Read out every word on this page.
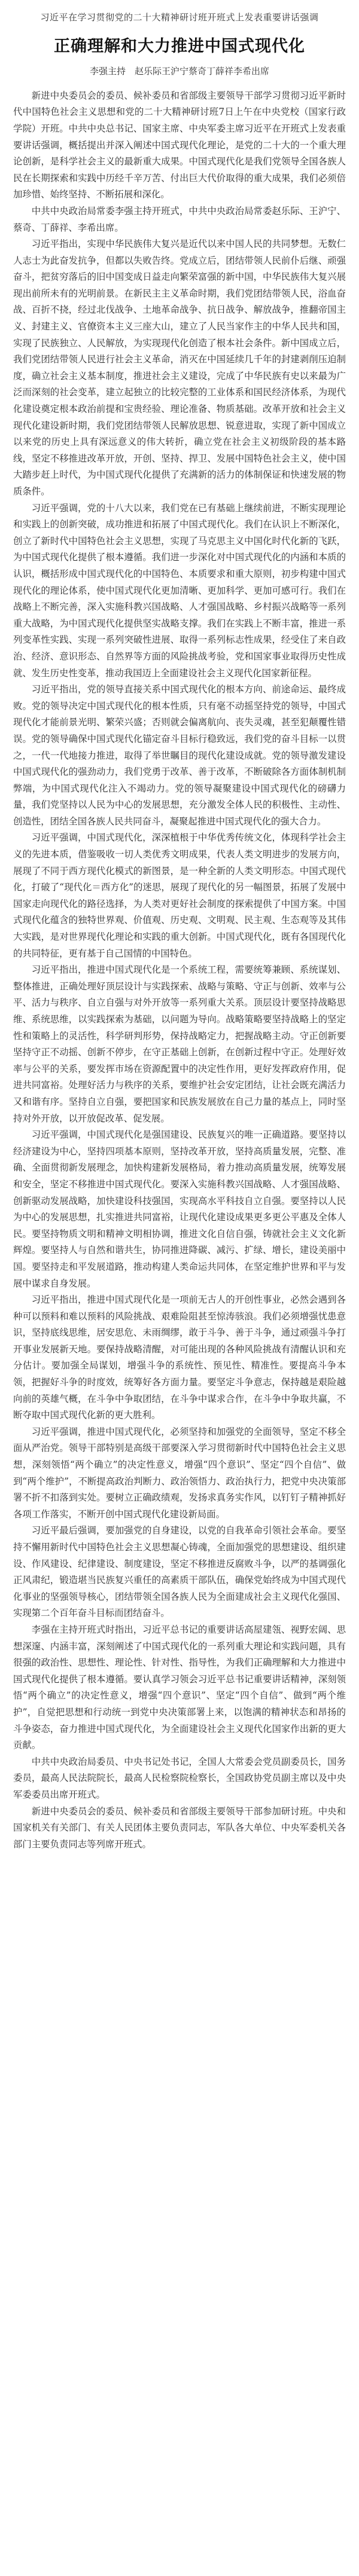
习近平在学习贯彻党的二十大精神研讨班开班式上发表重要讲话强调
正确理解和大力推进中国式现代化
李强主持　赵乐际王沪宁蔡奇丁薛祥李希出席

新进中央委员会的委员、候补委员和省部级主要领导干部学习贯彻习近平新时代中国特色社会主义思想和党的二十大精神研讨班7日上午在中央党校（国家行政学院）开班。中共中央总书记、国家主席、中央军委主席习近平在开班式上发表重要讲话强调，概括提出并深入阐述中国式现代化理论，是党的二十大的一个重大理论创新，是科学社会主义的最新重大成果。中国式现代化是我们党领导全国各族人民在长期探索和实践中历经千辛万苦、付出巨大代价取得的重大成果，我们必须倍加珍惜、始终坚持、不断拓展和深化。

中共中央政治局常委李强主持开班式，中共中央政治局常委赵乐际、王沪宁、蔡奇、丁薛祥、李希出席。

习近平指出，实现中华民族伟大复兴是近代以来中国人民的共同梦想。无数仁人志士为此奋发抗争，但都以失败告终。党成立后，团结带领人民前仆后继、顽强奋斗，把贫穷落后的旧中国变成日益走向繁荣富强的新中国，中华民族伟大复兴展现出前所未有的光明前景。在新民主主义革命时期，我们党团结带领人民，浴血奋战、百折不挠，经过北伐战争、土地革命战争、抗日战争、解放战争，推翻帝国主义、封建主义、官僚资本主义三座大山，建立了人民当家作主的中华人民共和国，实现了民族独立、人民解放，为实现现代化创造了根本社会条件。新中国成立后，我们党团结带领人民进行社会主义革命，消灭在中国延续几千年的封建剥削压迫制度，确立社会主义基本制度，推进社会主义建设，完成了中华民族有史以来最为广泛而深刻的社会变革，建立起独立的比较完整的工业体系和国民经济体系，为现代化建设奠定根本政治前提和宝贵经验、理论准备、物质基础。改革开放和社会主义现代化建设新时期，我们党团结带领人民解放思想、锐意进取，实现了新中国成立以来党的历史上具有深远意义的伟大转折，确立党在社会主义初级阶段的基本路线，坚定不移推进改革开放，开创、坚持、捍卫、发展中国特色社会主义，使中国大踏步赶上时代，为中国式现代化提供了充满新的活力的体制保证和快速发展的物质条件。

习近平强调，党的十八大以来，我们党在已有基础上继续前进，不断实现理论和实践上的创新突破，成功推进和拓展了中国式现代化。我们在认识上不断深化，创立了新时代中国特色社会主义思想，实现了马克思主义中国化时代化新的飞跃，为中国式现代化提供了根本遵循。我们进一步深化对中国式现代化的内涵和本质的认识，概括形成中国式现代化的中国特色、本质要求和重大原则，初步构建中国式现代化的理论体系，使中国式现代化更加清晰、更加科学、更加可感可行。我们在战略上不断完善，深入实施科教兴国战略、人才强国战略、乡村振兴战略等一系列重大战略，为中国式现代化提供坚实战略支撑。我们在实践上不断丰富，推进一系列变革性实践、实现一系列突破性进展、取得一系列标志性成果，经受住了来自政治、经济、意识形态、自然界等方面的风险挑战考验，党和国家事业取得历史性成就、发生历史性变革，推动我国迈上全面建设社会主义现代化国家新征程。

习近平指出，党的领导直接关系中国式现代化的根本方向、前途命运、最终成败。党的领导决定中国式现代化的根本性质，只有毫不动摇坚持党的领导，中国式现代化才能前景光明、繁荣兴盛；否则就会偏离航向、丧失灵魂，甚至犯颠覆性错误。党的领导确保中国式现代化锚定奋斗目标行稳致远，我们党的奋斗目标一以贯之，一代一代地接力推进，取得了举世瞩目的现代化建设成就。党的领导激发建设中国式现代化的强劲动力，我们党勇于改革、善于改革，不断破除各方面体制机制弊端，为中国式现代化注入不竭动力。党的领导凝聚建设中国式现代化的磅礴力量，我们党坚持以人民为中心的发展思想，充分激发全体人民的积极性、主动性、创造性，团结全国各族人民共同奋斗，凝聚起推进中国式现代化的强大合力。

习近平强调，中国式现代化，深深植根于中华优秀传统文化，体现科学社会主义的先进本质，借鉴吸收一切人类优秀文明成果，代表人类文明进步的发展方向，展现了不同于西方现代化模式的新图景，是一种全新的人类文明形态。中国式现代化，打破了“现代化＝西方化”的迷思，展现了现代化的另一幅图景，拓展了发展中国家走向现代化的路径选择，为人类对更好社会制度的探索提供了中国方案。中国式现代化蕴含的独特世界观、价值观、历史观、文明观、民主观、生态观等及其伟大实践，是对世界现代化理论和实践的重大创新。中国式现代化，既有各国现代化的共同特征，更有基于自己国情的中国特色。

习近平指出，推进中国式现代化是一个系统工程，需要统筹兼顾、系统谋划、整体推进，正确处理好顶层设计与实践探索、战略与策略、守正与创新、效率与公平、活力与秩序、自立自强与对外开放等一系列重大关系。顶层设计要坚持战略思维、系统思维，以实践探索为基础，以问题为导向。战略策略要坚持战略上的坚定性和策略上的灵活性，科学研判形势，保持战略定力，把握战略主动。守正创新要坚持守正不动摇、创新不停步，在守正基础上创新，在创新过程中守正。处理好效率与公平的关系，要发挥市场在资源配置中的决定性作用，更好发挥政府作用，促进共同富裕。处理好活力与秩序的关系，要维护社会安定团结，让社会既充满活力又和谐有序。坚持自立自强，要把国家和民族发展放在自己力量的基点上，同时坚持对外开放，以开放促改革、促发展。

习近平强调，中国式现代化是强国建设、民族复兴的唯一正确道路。要坚持以经济建设为中心，坚持四项基本原则，坚持改革开放，坚持高质量发展，完整、准确、全面贯彻新发展理念，加快构建新发展格局，着力推动高质量发展，统筹发展和安全，坚定不移推进中国式现代化。要深入实施科教兴国战略、人才强国战略、创新驱动发展战略，加快建设科技强国，实现高水平科技自立自强。要坚持以人民为中心的发展思想，扎实推进共同富裕，让现代化建设成果更多更公平惠及全体人民。要坚持物质文明和精神文明相协调，推进文化自信自强，铸就社会主义文化新辉煌。要坚持人与自然和谐共生，协同推进降碳、减污、扩绿、增长，建设美丽中国。要坚持走和平发展道路，推动构建人类命运共同体，在坚定维护世界和平与发展中谋求自身发展。

习近平指出，推进中国式现代化是一项前无古人的开创性事业，必然会遇到各种可以预料和难以预料的风险挑战、艰难险阻甚至惊涛骇浪。我们必须增强忧患意识，坚持底线思维，居安思危、未雨绸缪，敢于斗争、善于斗争，通过顽强斗争打开事业发展新天地。要保持战略清醒，对可能出现的各种风险挑战有清醒认识和充分估计。要加强全局谋划，增强斗争的系统性、预见性、精准性。要提高斗争本领，把握好斗争的时度效，统筹好各方面力量。要坚定斗争意志，保持越是艰险越向前的英雄气概，在斗争中争取团结，在斗争中谋求合作，在斗争中争取共赢，不断夺取中国式现代化新的更大胜利。

习近平强调，推进中国式现代化，必须坚持和加强党的全面领导，坚定不移全面从严治党。领导干部特别是高级干部要深入学习贯彻新时代中国特色社会主义思想，深刻领悟“两个确立”的决定性意义，增强“四个意识”、坚定“四个自信”、做到“两个维护”，不断提高政治判断力、政治领悟力、政治执行力，把党中央决策部署不折不扣落到实处。要树立正确政绩观，发扬求真务实作风，以钉钉子精神抓好各项工作落实，不断开创中国式现代化建设新局面。

习近平最后强调，要加强党的自身建设，以党的自我革命引领社会革命。要坚持不懈用新时代中国特色社会主义思想凝心铸魂，全面加强党的思想建设、组织建设、作风建设、纪律建设、制度建设，坚定不移推进反腐败斗争，以严的基调强化正风肃纪，锻造堪当民族复兴重任的高素质干部队伍，确保党始终成为中国式现代化事业的坚强领导核心，团结带领全国各族人民为全面建成社会主义现代化强国、实现第二个百年奋斗目标而团结奋斗。

李强在主持开班式时指出，习近平总书记的重要讲话高屋建瓴、视野宏阔、思想深邃、内涵丰富，深刻阐述了中国式现代化的一系列重大理论和实践问题，具有很强的政治性、思想性、理论性、针对性、指导性，为我们正确理解和大力推进中国式现代化提供了根本遵循。要认真学习领会习近平总书记重要讲话精神，深刻领悟“两个确立”的决定性意义，增强“四个意识”、坚定“四个自信”、做到“两个维护”，自觉把思想和行动统一到党中央决策部署上来，以饱满的精神状态和昂扬的斗争姿态，奋力推进中国式现代化，为全面建设社会主义现代化国家作出新的更大贡献。

中共中央政治局委员、中央书记处书记，全国人大常委会党员副委员长，国务委员，最高人民法院院长，最高人民检察院检察长，全国政协党员副主席以及中央军委委员出席开班式。

新进中央委员会的委员、候补委员和省部级主要领导干部参加研讨班。中央和国家机关有关部门、有关人民团体主要负责同志，军队各大单位、中央军委机关各部门主要负责同志等列席开班式。
